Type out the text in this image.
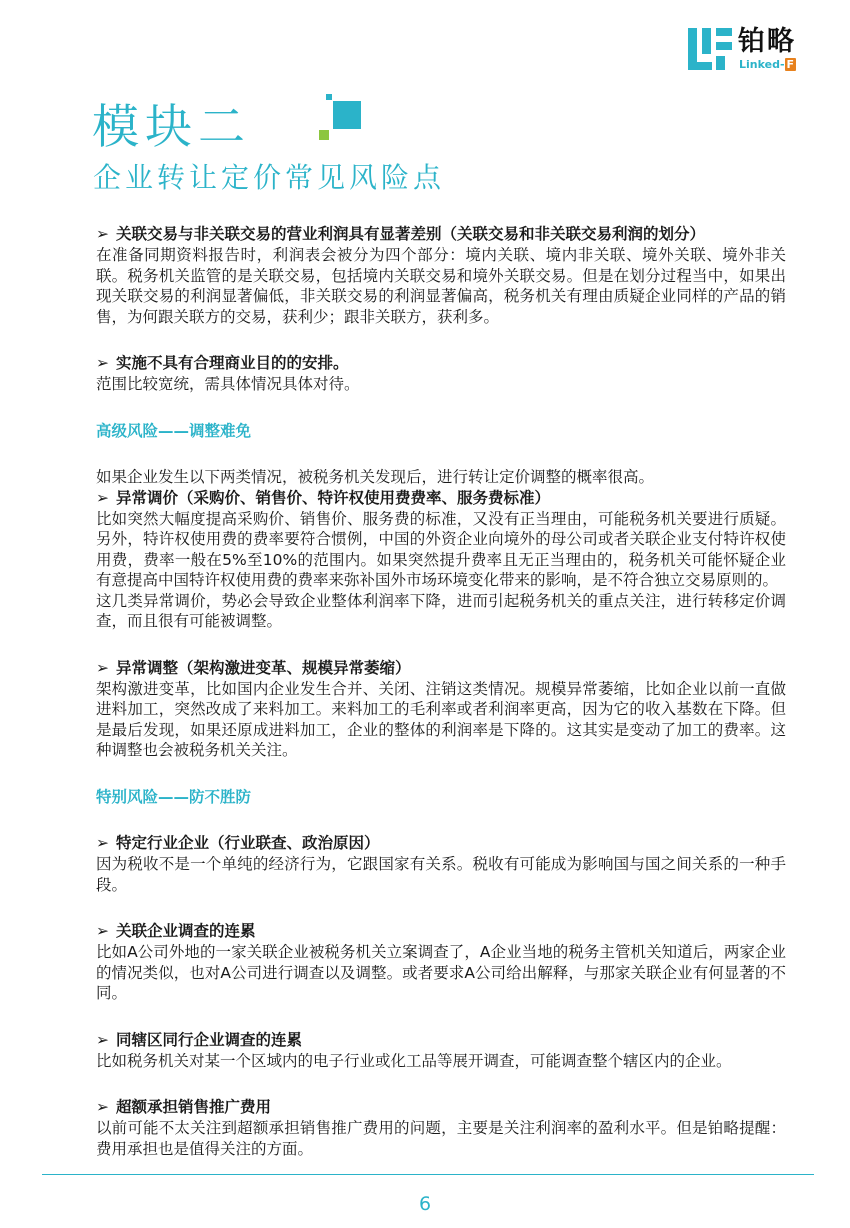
铂略
Linked- F
模块二
企业转让定价常见风险点

➢ 关联交易与非关联交易的营业利润具有显著差别（关联交易和非关联交易利润的划分）

在准备同期资料报告时，利润表会被分为四个部分：境内关联、境内非关联、境外关联、境外非关联。税务机关监管的是关联交易，包括境内关联交易和境外关联交易。但是在划分过程当中，如果出现关联交易的利润显著偏低，非关联交易的利润显著偏高，税务机关有理由质疑企业同样的产品的销售，为何跟关联方的交易，获利少；跟非关联方，获利多。

➢ 实施不具有合理商业目的的安排。

范围比较宽统，需具体情况具体对待。

高级风险——调整难免

如果企业发生以下两类情况，被税务机关发现后，进行转让定价调整的概率很高。

➢ 异常调价（采购价、销售价、特许权使用费费率、服务费标准）

比如突然大幅度提高采购价、销售价、服务费的标准，又没有正当理由，可能税务机关要进行质疑。另外，特许权使用费的费率要符合惯例，中国的外资企业向境外的母公司或者关联企业支付特许权使用费，费率一般在5%至10%的范围内。如果突然提升费率且无正当理由的，税务机关可能怀疑企业有意提高中国特许权使用费的费率来弥补国外市场环境变化带来的影响，是不符合独立交易原则的。

这几类异常调价，势必会导致企业整体利润率下降，进而引起税务机关的重点关注，进行转移定价调查，而且很有可能被调整。

➢ 异常调整（架构激进变革、规模异常萎缩）

架构激进变革，比如国内企业发生合并、关闭、注销这类情况。规模异常萎缩，比如企业以前一直做进料加工，突然改成了来料加工。来料加工的毛利率或者利润率更高，因为它的收入基数在下降。但是最后发现，如果还原成进料加工，企业的整体的利润率是下降的。这其实是变动了加工的费率。这种调整也会被税务机关关注。

特别风险——防不胜防

➢ 特定行业企业（行业联查、政治原因）

因为税收不是一个单纯的经济行为，它跟国家有关系。税收有可能成为影响国与国之间关系的一种手段。

➢ 关联企业调查的连累

比如A公司外地的一家关联企业被税务机关立案调查了，A企业当地的税务主管机关知道后，两家企业的情况类似，也对A公司进行调查以及调整。或者要求A公司给出解释，与那家关联企业有何显著的不同。

➢ 同辖区同行企业调查的连累

比如税务机关对某一个区域内的电子行业或化工品等展开调查，可能调查整个辖区内的企业。

➢ 超额承担销售推广费用

以前可能不太关注到超额承担销售推广费用的问题，主要是关注利润率的盈利水平。但是铂略提醒：费用承担也是值得关注的方面。

6
